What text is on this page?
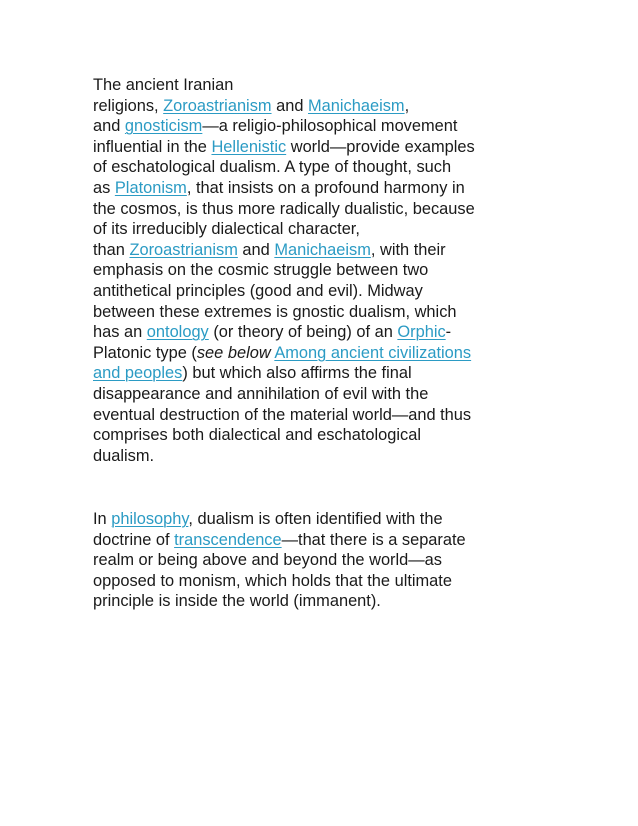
The ancient Iranian
religions, Zoroastrianism and Manichaeism,
and gnosticism—a religio-philosophical movement
influential in the Hellenistic world—provide examples
of eschatological dualism. A type of thought, such
as Platonism, that insists on a profound harmony in
the cosmos, is thus more radically dualistic, because
of its irreducibly dialectical character,
than Zoroastrianism and Manichaeism, with their
emphasis on the cosmic struggle between two
antithetical principles (good and evil). Midway
between these extremes is gnostic dualism, which
has an ontology (or theory of being) of an Orphic-
Platonic type (see below Among ancient civilizations
and peoples) but which also affirms the final
disappearance and annihilation of evil with the
eventual destruction of the material world—and thus
comprises both dialectical and eschatological
dualism.
In philosophy, dualism is often identified with the
doctrine of transcendence—that there is a separate
realm or being above and beyond the world—as
opposed to monism, which holds that the ultimate
principle is inside the world (immanent).
